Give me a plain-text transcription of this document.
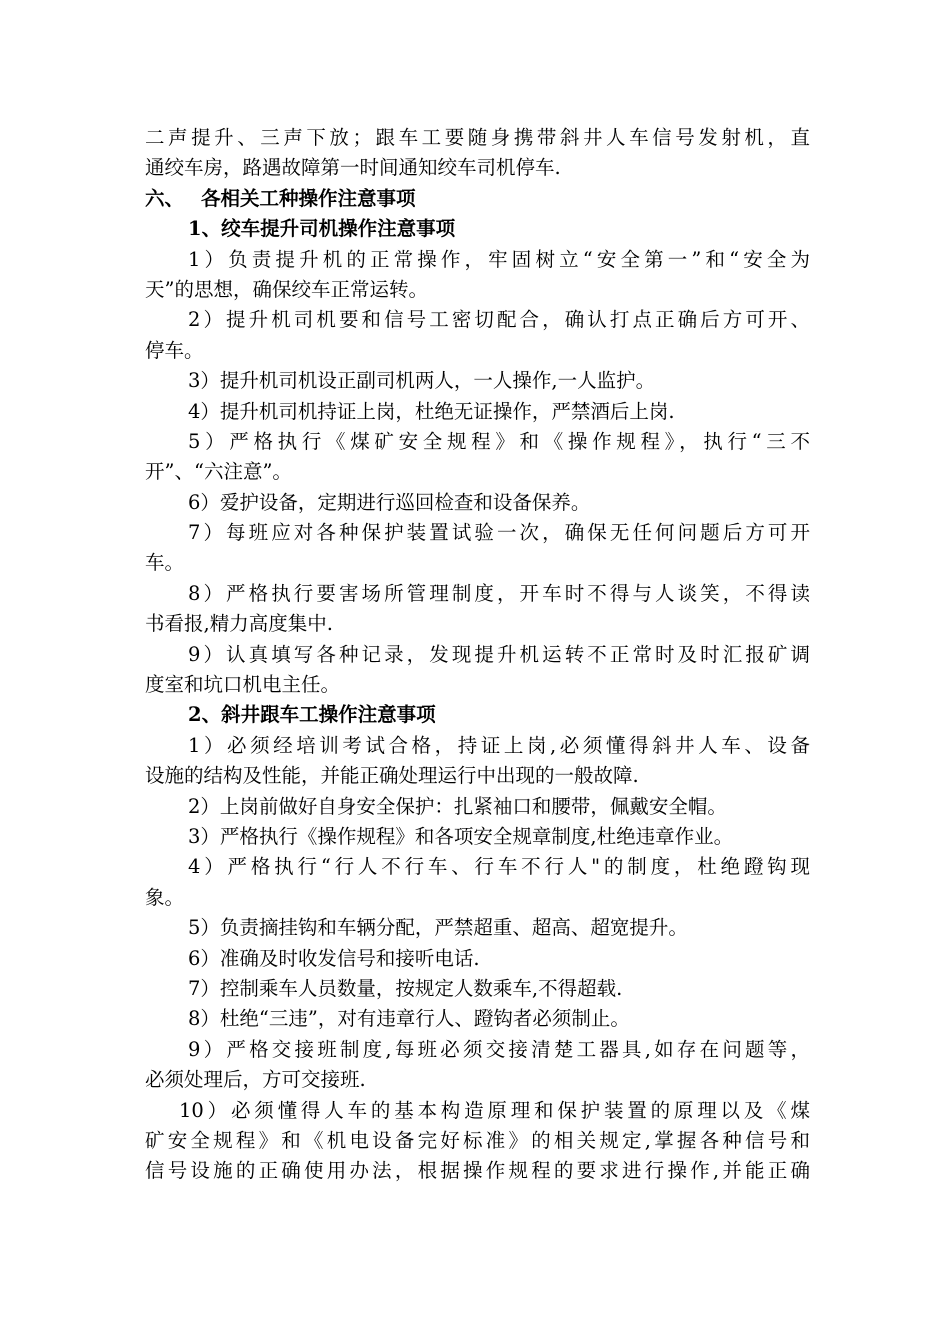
二声提升、三声下放；跟车工要随身携带斜井人车信号发射机，直
通绞车房，路遇故障第一时间通知绞车司机停车.
六、 各相关工种操作注意事项
1、绞车提升司机操作注意事项
1）负责提升机的正常操作，牢固树立“安全第一”和“安全为
天”的思想，确保绞车正常运转。
2）提升机司机要和信号工密切配合，确认打点正确后方可开、
停车。
3）提升机司机设正副司机两人，一人操作,一人监护。
4）提升机司机持证上岗，杜绝无证操作，严禁酒后上岗.
5）严格执行《煤矿安全规程》和《操作规程》，执行“三不
开”、“六注意”。
6）爱护设备，定期进行巡回检查和设备保养。
7）每班应对各种保护装置试验一次，确保无任何问题后方可开
车。
8）严格执行要害场所管理制度，开车时不得与人谈笑，不得读
书看报,精力高度集中.
9）认真填写各种记录，发现提升机运转不正常时及时汇报矿调
度室和坑口机电主任。
2、斜井跟车工操作注意事项
1）必须经培训考试合格，持证上岗,必须懂得斜井人车、设备
设施的结构及性能，并能正确处理运行中出现的一般故障.
2）上岗前做好自身安全保护：扎紧袖口和腰带，佩戴安全帽。
3）严格执行《操作规程》和各项安全规章制度,杜绝违章作业。
4）严格执行“行人不行车、行车不行人"的制度，杜绝蹬钩现
象。
5）负责摘挂钩和车辆分配，严禁超重、超高、超宽提升。
6）准确及时收发信号和接听电话.
7）控制乘车人员数量，按规定人数乘车,不得超载.
8）杜绝“三违”，对有违章行人、蹬钩者必须制止。
9）严格交接班制度,每班必须交接清楚工器具,如存在问题等，
必须处理后，方可交接班.
10）必须懂得人车的基本构造原理和保护装置的原理以及《煤
矿安全规程》和《机电设备完好标准》的相关规定,掌握各种信号和
信号设施的正确使用办法，根据操作规程的要求进行操作,并能正确
